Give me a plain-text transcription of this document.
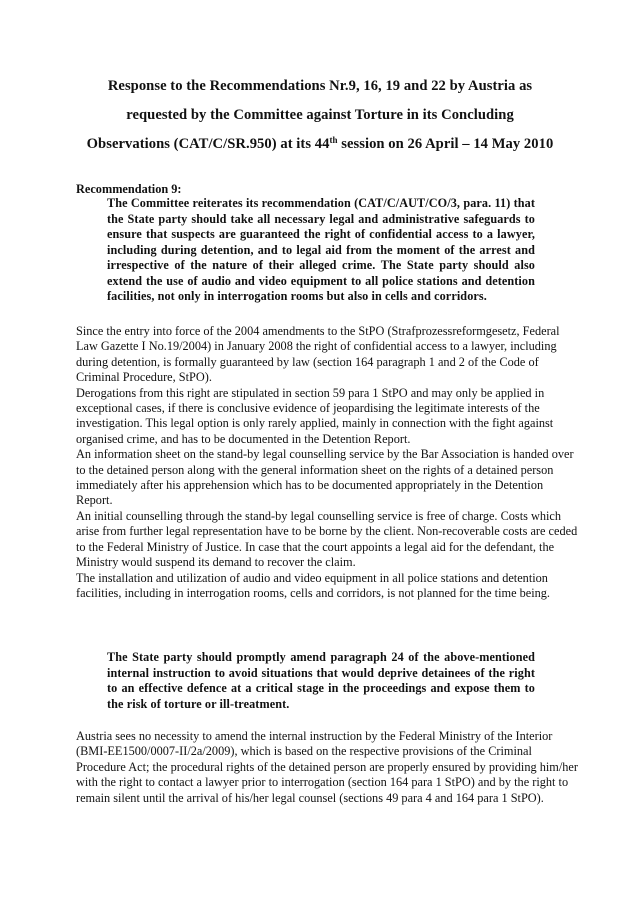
Response to the Recommendations Nr.9, 16, 19 and 22 by Austria as
requested by the Committee against Torture in its Concluding
Observations (CAT/C/SR.950) at its 44th session on 26 April – 14 May 2010
Recommendation 9:
The Committee reiterates its recommendation (CAT/C/AUT/CO/3, para. 11) that the State party should take all necessary legal and administrative safeguards to ensure that suspects are guaranteed the right of confidential access to a lawyer, including during detention, and to legal aid from the moment of the arrest and irrespective of the nature of their alleged crime. The State party should also extend the use of audio and video equipment to all police stations and detention facilities, not only in interrogation rooms but also in cells and corridors.

Since the entry into force of the 2004 amendments to the StPO (Strafprozessreformgesetz, Federal Law Gazette I No.19/2004) in January 2008 the right of confidential access to a lawyer, including during detention, is formally guaranteed by law (section 164 paragraph 1 and 2 of the Code of Criminal Procedure, StPO).

Derogations from this right are stipulated in section 59 para 1 StPO and may only be applied in exceptional cases, if there is conclusive evidence of jeopardising the legitimate interests of the investigation. This legal option is only rarely applied, mainly in connection with the fight against organised crime, and has to be documented in the Detention Report.

An information sheet on the stand-by legal counselling service by the Bar Association is handed over to the detained person along with the general information sheet on the rights of a detained person immediately after his apprehension which has to be documented appropriately in the Detention Report.

An initial counselling through the stand-by legal counselling service is free of charge. Costs which arise from further legal representation have to be borne by the client. Non-recoverable costs are ceded to the Federal Ministry of Justice. In case that the court appoints a legal aid for the defendant, the Ministry would suspend its demand to recover the claim.

The installation and utilization of audio and video equipment in all police stations and detention facilities, including in interrogation rooms, cells and corridors, is not planned for the time being.

The State party should promptly amend paragraph 24 of the above-mentioned internal instruction to avoid situations that would deprive detainees of the right to an effective defence at a critical stage in the proceedings and expose them to the risk of torture or ill-treatment.

Austria sees no necessity to amend the internal instruction by the Federal Ministry of the Interior (BMI-EE1500/0007-II/2a/2009), which is based on the respective provisions of the Criminal Procedure Act; the procedural rights of the detained person are properly ensured by providing him/her with the right to contact a lawyer prior to interrogation (section 164 para 1 StPO) and by the right to remain silent until the arrival of his/her legal counsel (sections 49 para 4 and 164 para 1 StPO).
